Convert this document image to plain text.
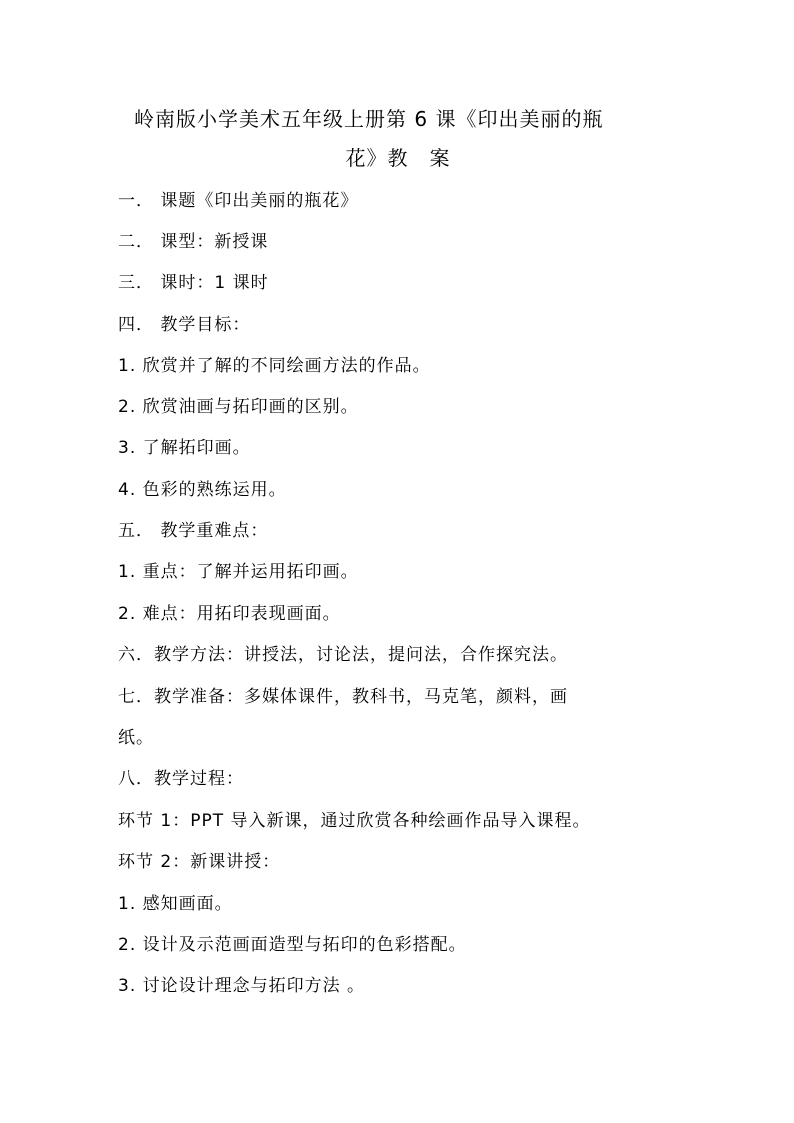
岭南版小学美术五年级上册第 6 课《印出美丽的瓶
花》教　案
一． 课题《印出美丽的瓶花》
二． 课型：新授课
三． 课时：1 课时
四． 教学目标：
1. 欣赏并了解的不同绘画方法的作品。
2. 欣赏油画与拓印画的区别。
3. 了解拓印画。
4. 色彩的熟练运用。
五． 教学重难点：
1. 重点：了解并运用拓印画。
2. 难点：用拓印表现画面。
六．教学方法：讲授法，讨论法，提问法，合作探究法。
七．教学准备：多媒体课件，教科书，马克笔，颜料，画
纸。
八．教学过程：
环节 1：PPT 导入新课，通过欣赏各种绘画作品导入课程。
环节 2：新课讲授：
1. 感知画面。
2. 设计及示范画面造型与拓印的色彩搭配。
3. 讨论设计理念与拓印方法 。
